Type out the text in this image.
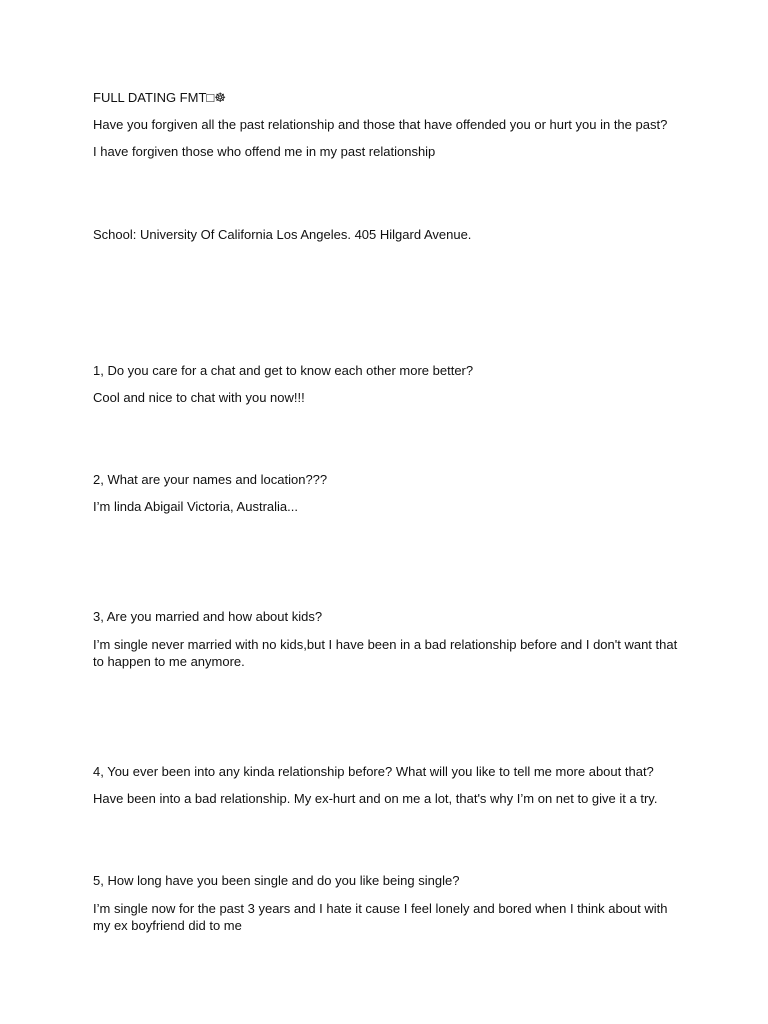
FULL DATING FMT□☸

Have you forgiven all the past relationship and those that have offended you or hurt you in the past?

I have forgiven those who offend me in my past relationship

School: University Of California Los Angeles. 405 Hilgard Avenue.

1, Do you care for a chat and get to know each other more better?

Cool and nice to chat with you now!!!

2, What are your names and location???

I’m linda Abigail Victoria, Australia...

3, Are you married and how about kids?

I’m single never married with no kids,but I have been in a bad relationship before and I don't want that to happen to me anymore.

4, You ever been into any kinda relationship before? What will you like to tell me more about that?

Have been into a bad relationship. My ex-hurt and on me a lot, that's why I’m on net to give it a try.

5, How long have you been single and do you like being single?

I’m single now for the past 3 years and I hate it cause I feel lonely and bored when I think about with my ex boyfriend did to me
